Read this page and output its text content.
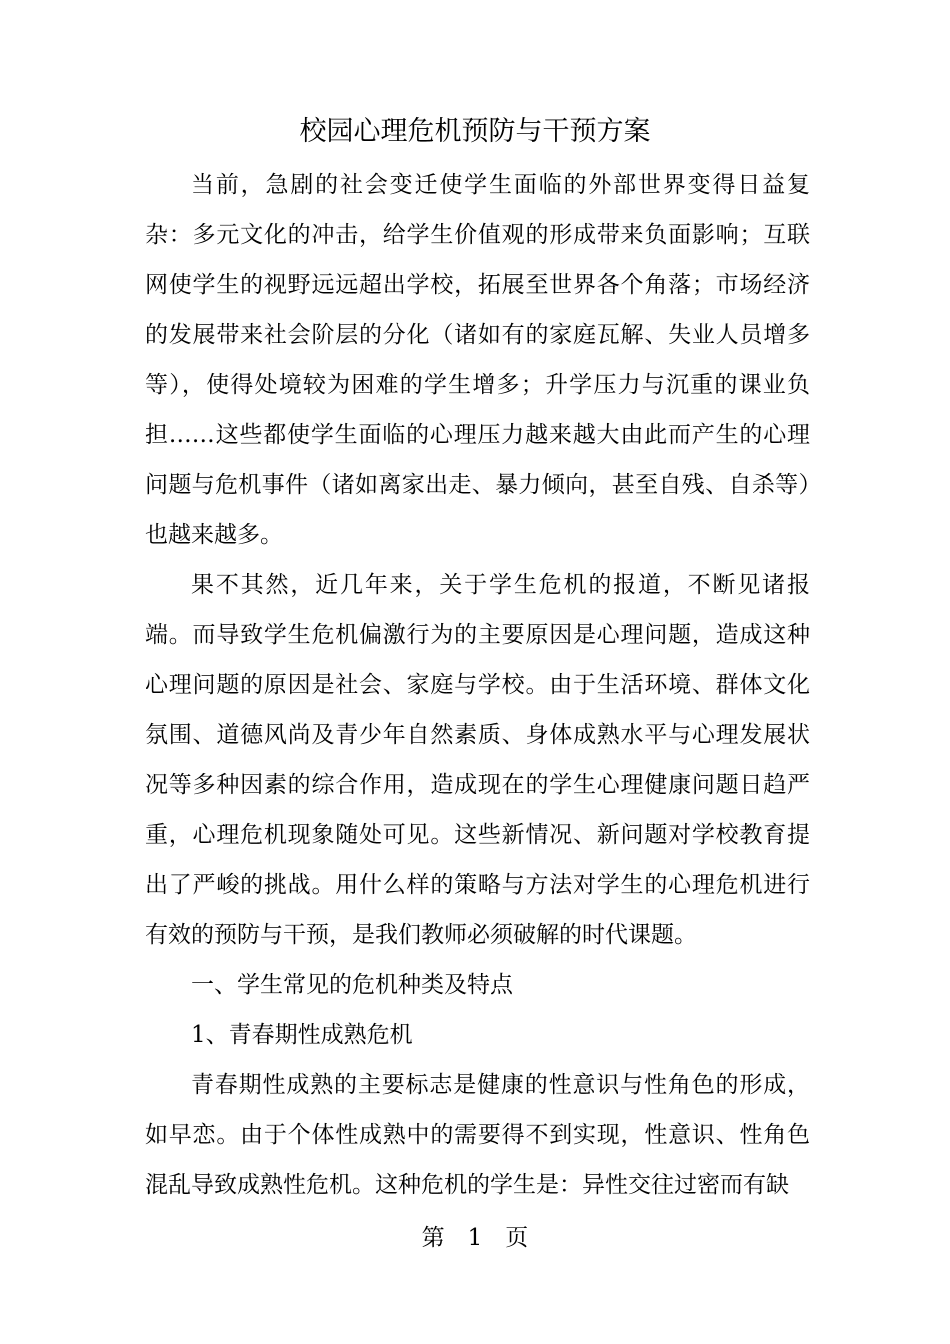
校园心理危机预防与干预方案

当前，急剧的社会变迁使学生面临的外部世界变得日益复杂：多元文化的冲击，给学生价值观的形成带来负面影响；互联网使学生的视野远远超出学校，拓展至世界各个角落；市场经济的发展带来社会阶层的分化（诸如有的家庭瓦解、失业人员增多等），使得处境较为困难的学生增多；升学压力与沉重的课业负担……这些都使学生面临的心理压力越来越大由此而产生的心理问题与危机事件（诸如离家出走、暴力倾向，甚至自残、自杀等）也越来越多。

果不其然，近几年来，关于学生危机的报道，不断见诸报端。而导致学生危机偏激行为的主要原因是心理问题，造成这种心理问题的原因是社会、家庭与学校。由于生活环境、群体文化氛围、道德风尚及青少年自然素质、身体成熟水平与心理发展状况等多种因素的综合作用，造成现在的学生心理健康问题日趋严重，心理危机现象随处可见。这些新情况、新问题对学校教育提出了严峻的挑战。用什么样的策略与方法对学生的心理危机进行有效的预防与干预，是我们教师必须破解的时代课题。

一、学生常见的危机种类及特点

1、青春期性成熟危机

青春期性成熟的主要标志是健康的性意识与性角色的形成，如早恋。由于个体性成熟中的需要得不到实现，性意识、性角色混乱导致成熟性危机。这种危机的学生是：异性交往过密而有缺

第　1　页
